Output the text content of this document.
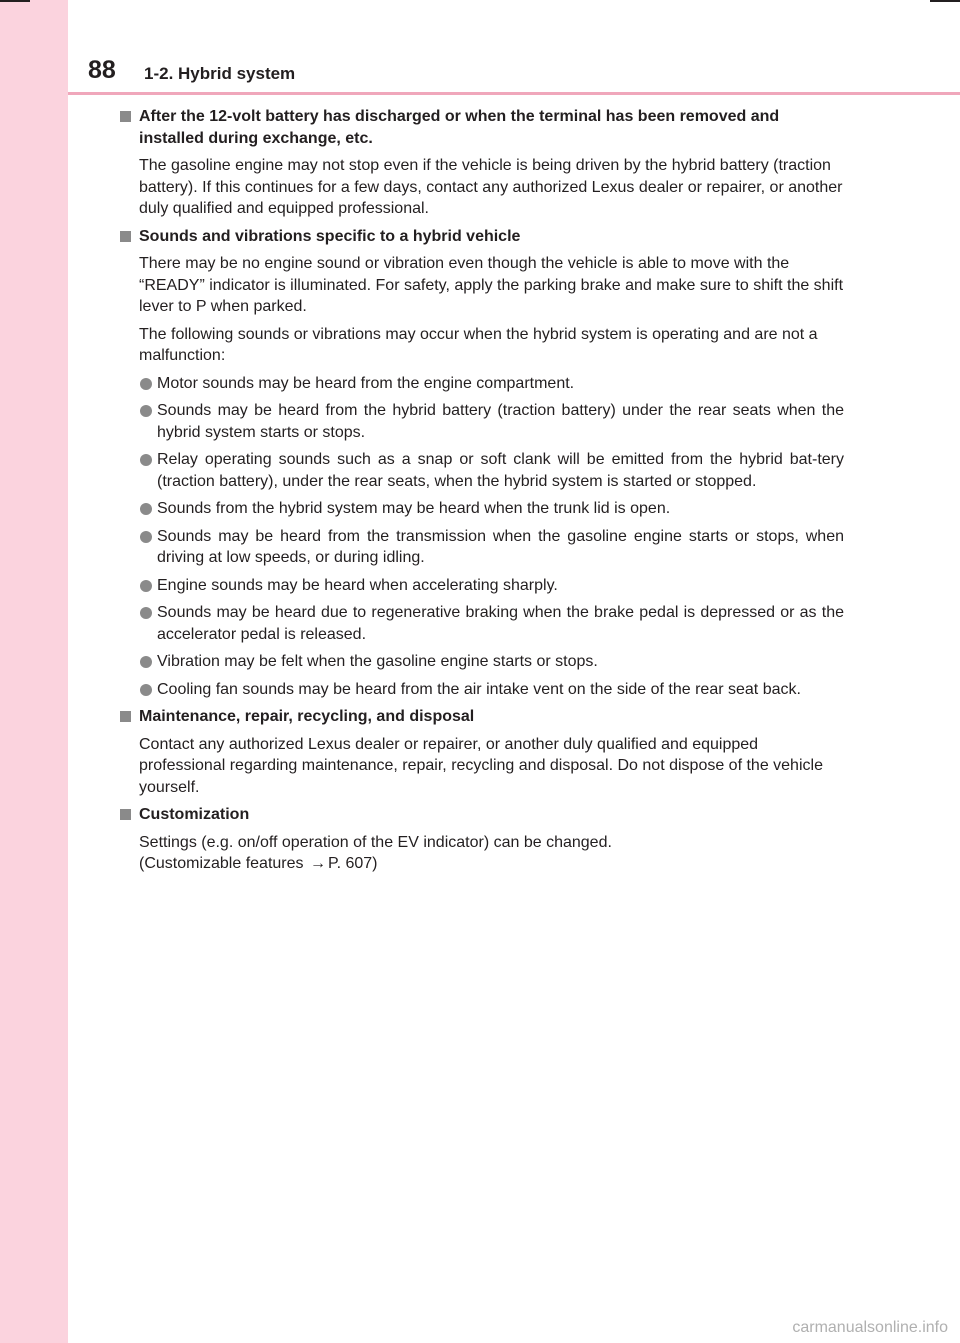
88 1-2. Hybrid system
After the 12-volt battery has discharged or when the terminal has been removed and installed during exchange, etc.
The gasoline engine may not stop even if the vehicle is being driven by the hybrid battery (traction battery). If this continues for a few days, contact any authorized Lexus dealer or repairer, or another duly qualified and equipped professional.
Sounds and vibrations specific to a hybrid vehicle
There may be no engine sound or vibration even though the vehicle is able to move with the “READY” indicator is illuminated. For safety, apply the parking brake and make sure to shift the shift lever to P when parked.
The following sounds or vibrations may occur when the hybrid system is operating and are not a malfunction:
Motor sounds may be heard from the engine compartment.
Sounds may be heard from the hybrid battery (traction battery) under the rear seats when the hybrid system starts or stops.
Relay operating sounds such as a snap or soft clank will be emitted from the hybrid bat-tery (traction battery), under the rear seats, when the hybrid system is started or stopped.
Sounds from the hybrid system may be heard when the trunk lid is open.
Sounds may be heard from the transmission when the gasoline engine starts or stops, when driving at low speeds, or during idling.
Engine sounds may be heard when accelerating sharply.
Sounds may be heard due to regenerative braking when the brake pedal is depressed or as the accelerator pedal is released.
Vibration may be felt when the gasoline engine starts or stops.
Cooling fan sounds may be heard from the air intake vent on the side of the rear seat back.
Maintenance, repair, recycling, and disposal
Contact any authorized Lexus dealer or repairer, or another duly qualified and equipped professional regarding maintenance, repair, recycling and disposal. Do not dispose of the vehicle yourself.
Customization
Settings (e.g. on/off operation of the EV indicator) can be changed.
(Customizable features → P. 607)
carmanualsonline.info
